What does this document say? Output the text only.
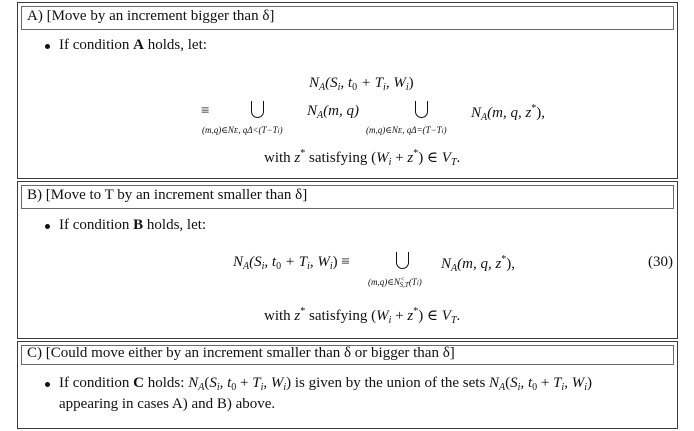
A) [Move by an increment bigger than δ]
If condition A holds, let:
$N_A(S_i$, $t_0 + T_i$, $W_i$)
≡
(m,q)∈NE, qΔ<(T−Ti)
$N_A(m$, q)
(m,q)∈NE, qΔ=(T−Ti)
$N_A(m$, q, z*),
with z* satisfying $(W_i + z^*)$ ∈ $V_T$.
B) [Move to T by an increment smaller than δ]
If condition B holds, let:
$N_A(S_i$, $t_0 + T_i$, $W_i$) ≡
$(m,q)\in N^<_{S,T}(Ti)$
$N_A(m$, q, z*),	(30)
with z* satisfying $(W_i + z^*)$ ∈ $V_T$.
C) [Could move either by an increment smaller than δ or bigger than δ]
If condition C holds: $N_A(S_i$, $t_0 + T_i$, $W_i$) is given by the union of the sets $N_A(S_i$, $t_0 + T_i$, $W_i$)
appearing in cases A) and B) above.
